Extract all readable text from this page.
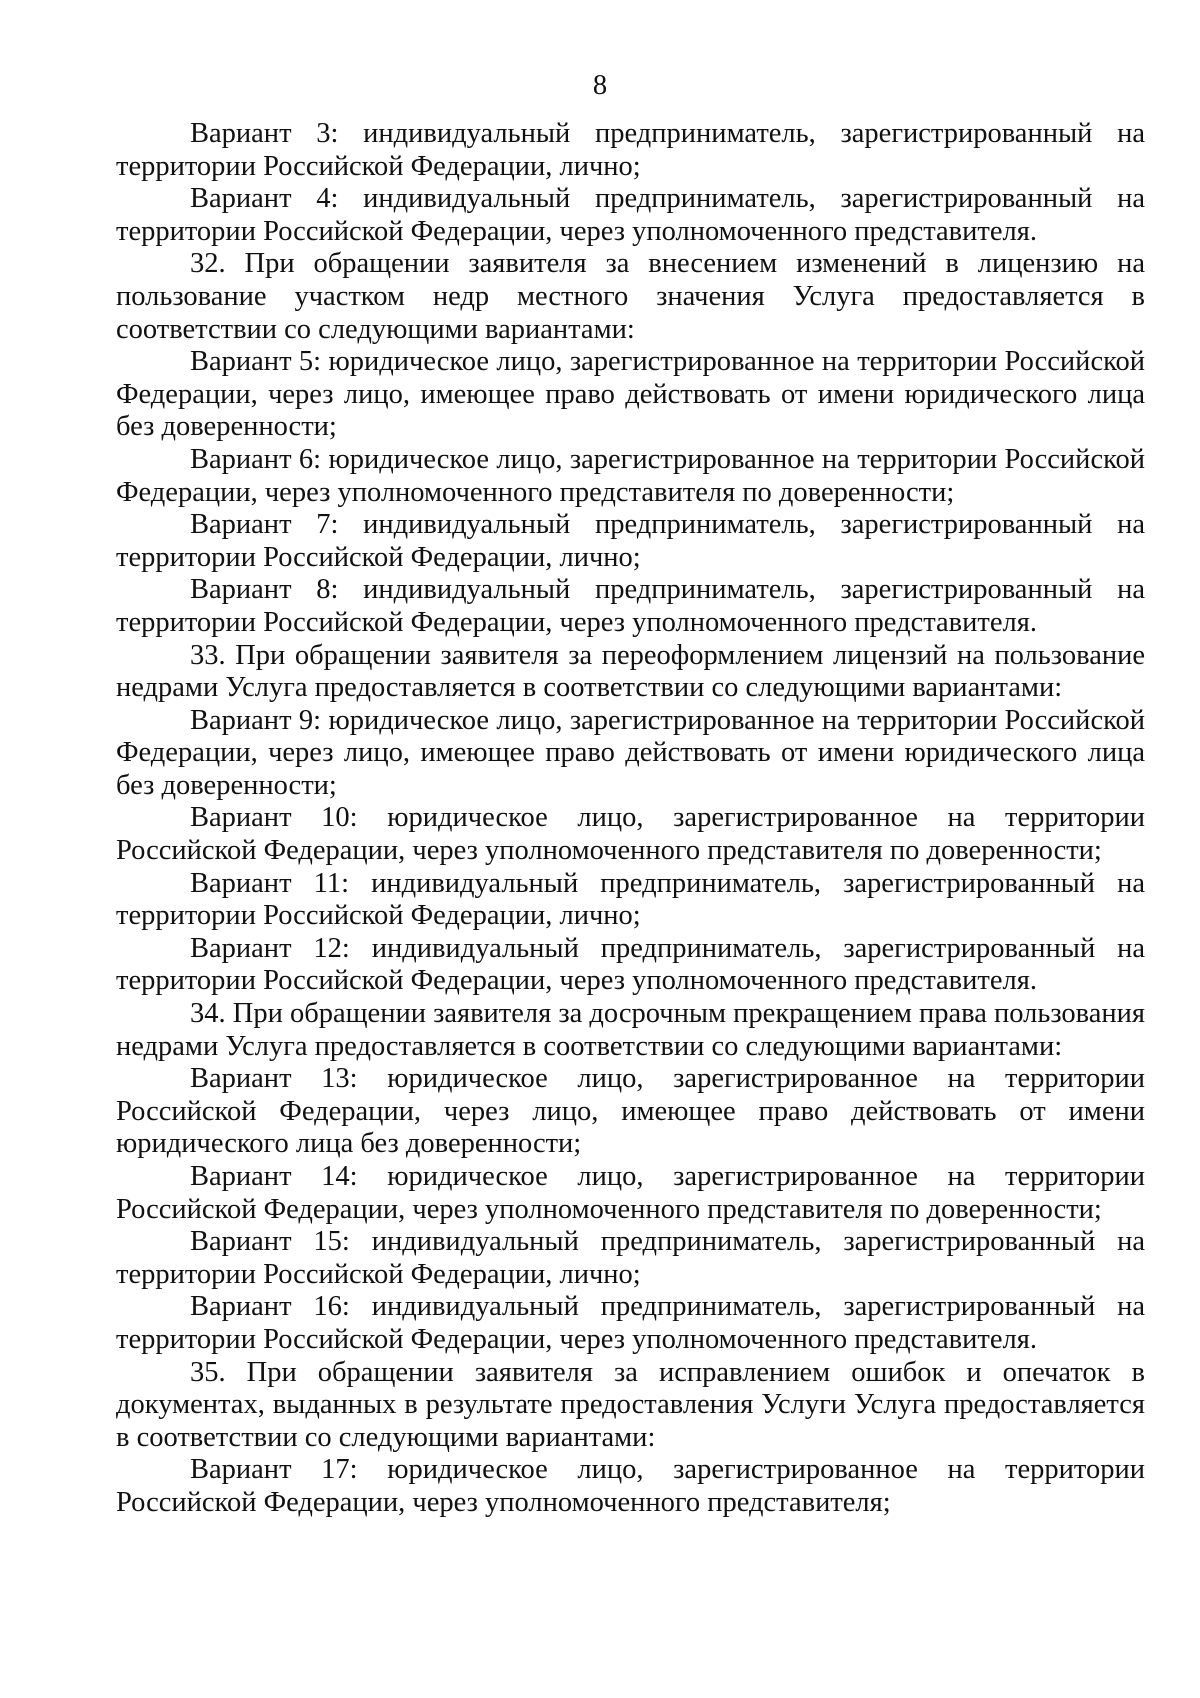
8

Вариант 3: индивидуальный предприниматель, зарегистрированный на территории Российской Федерации, лично;

Вариант 4: индивидуальный предприниматель, зарегистрированный на территории Российской Федерации, через уполномоченного представителя.

32. При обращении заявителя за внесением изменений в лицензию на пользование участком недр местного значения Услуга предоставляется в соответствии со следующими вариантами:

Вариант 5: юридическое лицо, зарегистрированное на территории Российской Федерации, через лицо, имеющее право действовать от имени юридического лица без доверенности;

Вариант 6: юридическое лицо, зарегистрированное на территории Российской Федерации, через уполномоченного представителя по доверенности;

Вариант 7: индивидуальный предприниматель, зарегистрированный на территории Российской Федерации, лично;

Вариант 8: индивидуальный предприниматель, зарегистрированный на территории Российской Федерации, через уполномоченного представителя.

33. При обращении заявителя за переоформлением лицензий на пользование недрами Услуга предоставляется в соответствии со следующими вариантами:

Вариант 9: юридическое лицо, зарегистрированное на территории Российской Федерации, через лицо, имеющее право действовать от имени юридического лица без доверенности;

Вариант 10: юридическое лицо, зарегистрированное на территории Российской Федерации, через уполномоченного представителя по доверенности;

Вариант 11: индивидуальный предприниматель, зарегистрированный на территории Российской Федерации, лично;

Вариант 12: индивидуальный предприниматель, зарегистрированный на территории Российской Федерации, через уполномоченного представителя.

34. При обращении заявителя за досрочным прекращением права пользования недрами Услуга предоставляется в соответствии со следующими вариантами:

Вариант 13: юридическое лицо, зарегистрированное на территории Российской Федерации, через лицо, имеющее право действовать от имени юридического лица без доверенности;

Вариант 14: юридическое лицо, зарегистрированное на территории Российской Федерации, через уполномоченного представителя по доверенности;

Вариант 15: индивидуальный предприниматель, зарегистрированный на территории Российской Федерации, лично;

Вариант 16: индивидуальный предприниматель, зарегистрированный на территории Российской Федерации, через уполномоченного представителя.

35. При обращении заявителя за исправлением ошибок и опечаток в документах, выданных в результате предоставления Услуги Услуга предоставляется в соответствии со следующими вариантами:

Вариант 17: юридическое лицо, зарегистрированное на территории Российской Федерации, через уполномоченного представителя;
